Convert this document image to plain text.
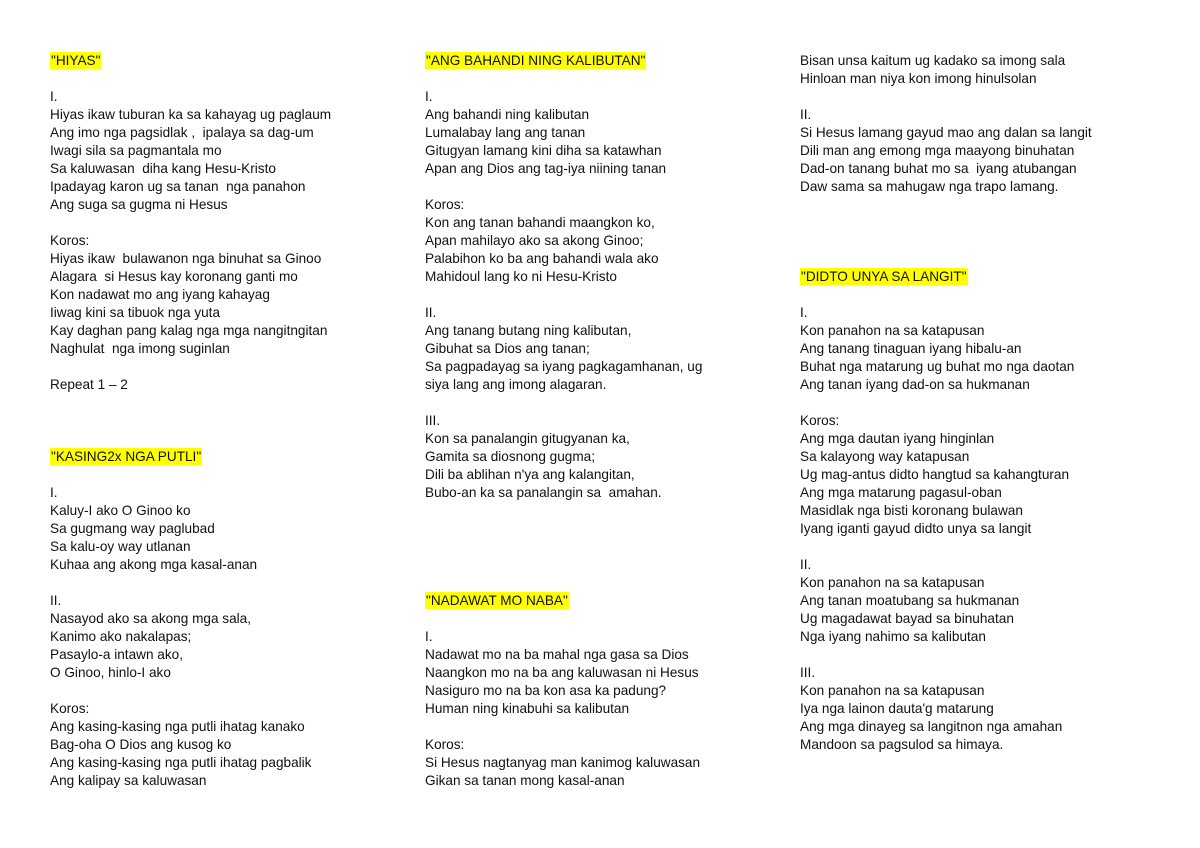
"HIYAS"
I.
Hiyas ikaw tuburan ka sa kahayag ug paglaum
Ang imo nga pagsidlak ,  ipalaya sa dag-um
Iwagi sila sa pagmantala mo
Sa kaluwasan  diha kang Hesu-Kristo
Ipadayag karon ug sa tanan  nga panahon
Ang suga sa gugma ni Hesus
Koros:
Hiyas ikaw  bulawanon nga binuhat sa Ginoo
Alagara  si Hesus kay koronang ganti mo
Kon nadawat mo ang iyang kahayag
Iiwag kini sa tibuok nga yuta
Kay daghan pang kalag nga mga nangitngitan
Naghulat  nga imong suginlan
Repeat 1 – 2
"KASING2x NGA PUTLI"
I.
Kaluy-I ako O Ginoo ko
Sa gugmang way paglubad
Sa kalu-oy way utlanan
Kuhaa ang akong mga kasal-anan
II.
Nasayod ako sa akong mga sala,
Kanimo ako nakalapas;
Pasaylo-a intawn ako,
O Ginoo, hinlo-I ako
Koros:
Ang kasing-kasing nga putli ihatag kanako
Bag-oha O Dios ang kusog ko
Ang kasing-kasing nga putli ihatag pagbalik
Ang kalipay sa kaluwasan
"ANG BAHANDI NING KALIBUTAN"
I.
Ang bahandi ning kalibutan
Lumalabay lang ang tanan
Gitugyan lamang kini diha sa katawhan
Apan ang Dios ang tag-iya niining tanan
Koros:
Kon ang tanan bahandi maangkon ko,
Apan mahilayo ako sa akong Ginoo;
Palabihon ko ba ang bahandi wala ako
Mahidoul lang ko ni Hesu-Kristo
II.
Ang tanang butang ning kalibutan,
Gibuhat sa Dios ang tanan;
Sa pagpadayag sa iyang pagkagamhanan, ug
siya lang ang imong alagaran.
III.
Kon sa panalangin gitugyanan ka,
Gamita sa diosnong gugma;
Dili ba ablihan n'ya ang kalangitan,
Bubo-an ka sa panalangin sa  amahan.
"NADAWAT MO NABA"
I.
Nadawat mo na ba mahal nga gasa sa Dios
Naangkon mo na ba ang kaluwasan ni Hesus
Nasiguro mo na ba kon asa ka padung?
Human ning kinabuhi sa kalibutan
Koros:
Si Hesus nagtanyag man kanimog kaluwasan
Gikan sa tanan mong kasal-anan
Bisan unsa kaitum ug kadako sa imong sala
Hinloan man niya kon imong hinulsolan
II.
Si Hesus lamang gayud mao ang dalan sa langit
Dili man ang emong mga maayong binuhatan
Dad-on tanang buhat mo sa  iyang atubangan
Daw sama sa mahugaw nga trapo lamang.
"DIDTO UNYA SA LANGIT"
I.
Kon panahon na sa katapusan
Ang tanang tinaguan iyang hibalu-an
Buhat nga matarung ug buhat mo nga daotan
Ang tanan iyang dad-on sa hukmanan
Koros:
Ang mga dautan iyang hinginlan
Sa kalayong way katapusan
Ug mag-antus didto hangtud sa kahangturan
Ang mga matarung pagasul-oban
Masidlak nga bisti koronang bulawan
Iyang iganti gayud didto unya sa langit
II.
Kon panahon na sa katapusan
Ang tanan moatubang sa hukmanan
Ug magadawat bayad sa binuhatan
Nga iyang nahimo sa kalibutan
III.
Kon panahon na sa katapusan
Iya nga lainon dauta'g matarung
Ang mga dinayeg sa langitnon nga amahan
Mandoon sa pagsulod sa himaya.
